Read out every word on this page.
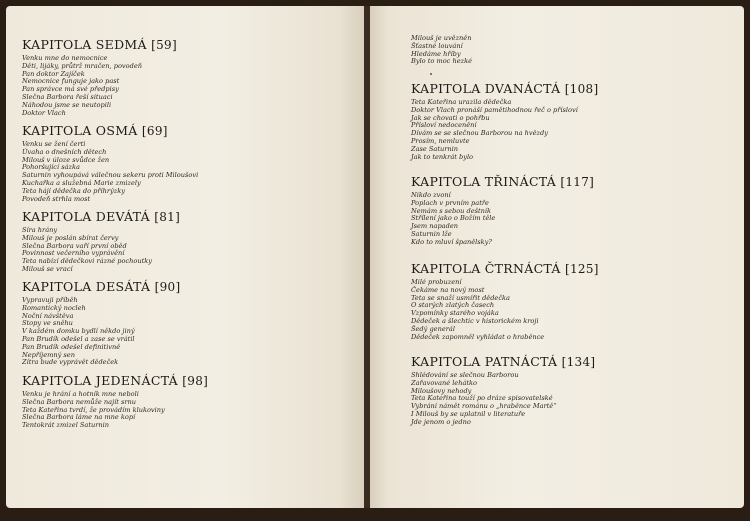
KAPITOLA SEDMÁ [59]
Venku mne do nemocnice
Děti, lijáky, průtrž mračen, povodeň
Pan doktor Zajíček
Nemocnice funguje jako past
Pan správce má své předpisy
Slečna Barbora řeší situaci
Náhodou jsme se neutopili
Doktor Vlach
KAPITOLA OSMÁ [69]
Venku se žení čerti
Úvaha o dnešních dětech
Milouš v úloze svůdce žen
Pohoršující sázka
Saturnin vyhoupává válečnou sekeru proti Miloušovi
Kuchařka a služebná Marie zmizely
Teta hájí dědečka do příhrýzky
Povodeň strhla most
KAPITOLA DEVÁTÁ [81]
Síra hrány
Milouš je poslán sbírat červy
Slečna Barbora vaří první oběd
Povinnost večerního vyprávění
Teta nabízí dědečkovi rázné pochoutky
Milouš se vrací
KAPITOLA DESÁTÁ [90]
Vypravuji příběh
Romantický nocleh
Noční návštěva
Stopy ve sněhu
V každém domku bydlí někdo jiný
Pan Brudík odešel a zase se vrátil
Pan Brudík odešel definitivně
Nepříjemný sen
Zítra bude vyprávět dědeček
KAPITOLA JEDENÁCTÁ [98]
Venku je hrání a hotník mne neboli
Slečna Barbora nemůže najít srnu
Teta Kateřina tvrdí, že provádím klukoviny
Slečna Barbora láme na mne kopí
Tentokrát zmizel Saturnin
Milouš je uvězněn
Šťastné louvání
Hledáme hříby
Bylo to moc hezké
KAPITOLA DVANÁCTÁ [108]
Teta Kateřina urazila dědečka
Doktor Vlach pronáší pamětihodnou řeč o přísloví
Jak se chovati o pohřbu
Přísloví nedocenění
Dívám se se slečnou Barborou na hvězdy
Prosím, nemluvte
Zase Saturnin
Jak to tenkrát bylo
KAPITOLA TŘINÁCTÁ [117]
Nikdo zvoní
Poplach v prvním patře
Nemám s sebou deštník
Střílení jako o Božím těle
Jsem napaden
Saturnin lže
Kdo to mluví španělsky?
KAPITOLA ČTRNÁCTÁ [125]
Milé probuzení
Čekáme na nový most
Teta se snaží usmířit dědečka
O starých zlatých časech
Vzpomínky starého vojáka
Dědeček a šlechtic v historickém kroji
Šedý generál
Dědeček zapomněl vyhládat o hraběnce
KAPITOLA PATNÁCTÁ [134]
Shlédování se slečnou Barborou
Zařavované lehátko
Miloušovy nehody
Teta Kateřina touží po dráze spisovatelské
Vybrání námět románu o „hraběnce Martě“
I Milouš by se uplatnil v literatuře
Jde jenom o jedno
